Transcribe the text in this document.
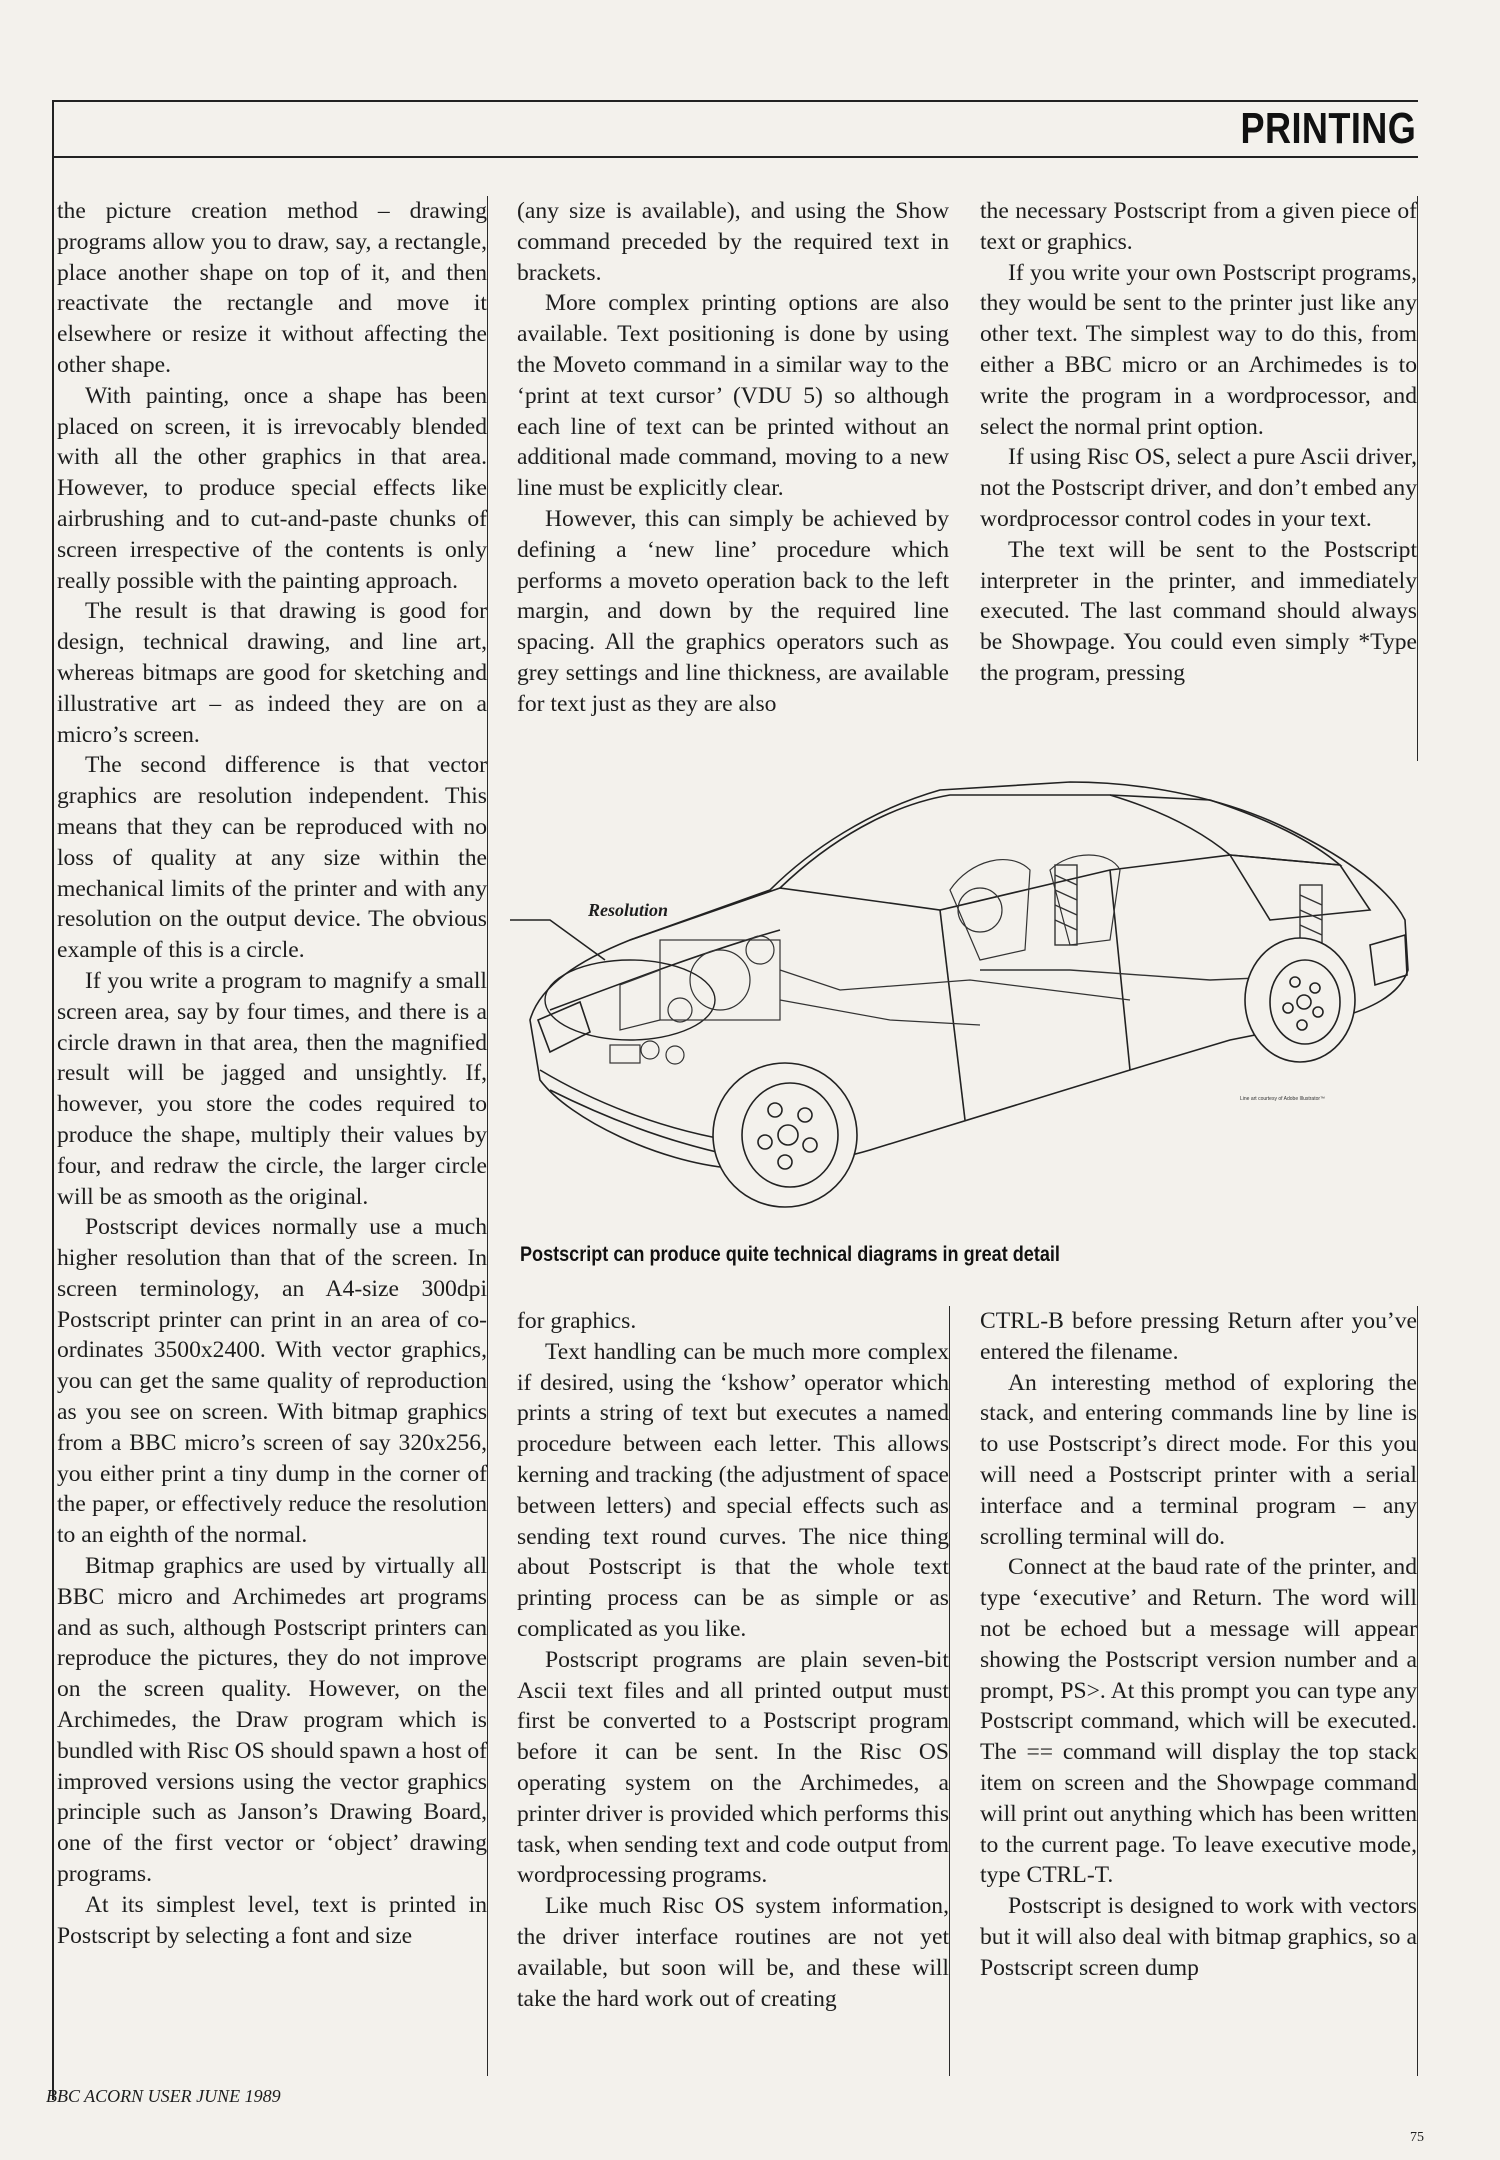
PRINTING

the picture creation method – drawing programs allow you to draw, say, a rectangle, place another shape on top of it, and then reactivate the rectangle and move it elsewhere or resize it without affecting the other shape.

With painting, once a shape has been placed on screen, it is irrevocably blended with all the other graphics in that area. However, to produce special effects like airbrushing and to cut-and-paste chunks of screen irrespective of the contents is only really possible with the painting approach.

The result is that drawing is good for design, technical drawing, and line art, whereas bitmaps are good for sketching and illustrative art – as indeed they are on a micro’s screen.

The second difference is that vector graphics are resolution independent. This means that they can be reproduced with no loss of quality at any size within the mechanical limits of the printer and with any resolution on the output device. The obvious example of this is a circle.

If you write a program to magnify a small screen area, say by four times, and there is a circle drawn in that area, then the magnified result will be jagged and unsightly. If, however, you store the codes required to produce the shape, multiply their values by four, and redraw the circle, the larger circle will be as smooth as the original.

Postscript devices normally use a much higher resolution than that of the screen. In screen terminology, an A4-size 300dpi Postscript printer can print in an area of co-ordinates 3500x2400. With vector graphics, you can get the same quality of reproduction as you see on screen. With bitmap graphics from a BBC micro’s screen of say 320x256, you either print a tiny dump in the corner of the paper, or effectively reduce the resolution to an eighth of the normal.

Bitmap graphics are used by virtually all BBC micro and Archimedes art programs and as such, although Postscript printers can reproduce the pictures, they do not improve on the screen quality. However, on the Archimedes, the Draw program which is bundled with Risc OS should spawn a host of improved versions using the vector graphics principle such as Janson’s Drawing Board, one of the first vector or ‘object’ drawing programs.

At its simplest level, text is printed in Postscript by selecting a font and size

(any size is available), and using the Show command preceded by the required text in brackets.

More complex printing options are also available. Text positioning is done by using the Moveto command in a similar way to the ‘print at text cursor’ (VDU 5) so although each line of text can be printed without an additional made command, moving to a new line must be explicitly clear.

However, this can simply be achieved by defining a ‘new line’ procedure which performs a moveto operation back to the left margin, and down by the required line spacing. All the graphics operators such as grey settings and line thickness, are available for text just as they are also

the necessary Postscript from a given piece of text or graphics.

If you write your own Postscript programs, they would be sent to the printer just like any other text. The simplest way to do this, from either a BBC micro or an Archimedes is to write the program in a wordprocessor, and select the normal print option.

If using Risc OS, select a pure Ascii driver, not the Postscript driver, and don’t embed any wordprocessor control codes in your text.

The text will be sent to the Postscript interpreter in the printer, and immediately executed. The last command should always be Showpage. You could even simply *Type the program, pressing

Resolution
Line art courtesy of Adobe Illustrator™
Postscript can produce quite technical diagrams in great detail

for graphics.

Text handling can be much more complex if desired, using the ‘kshow’ operator which prints a string of text but executes a named procedure between each letter. This allows kerning and tracking (the adjustment of space between letters) and special effects such as sending text round curves. The nice thing about Postscript is that the whole text printing process can be as simple or as complicated as you like.

Postscript programs are plain seven-bit Ascii text files and all printed output must first be converted to a Postscript program before it can be sent. In the Risc OS operating system on the Archimedes, a printer driver is provided which performs this task, when sending text and code output from wordprocessing programs.

Like much Risc OS system information, the driver interface routines are not yet available, but soon will be, and these will take the hard work out of creating

CTRL-B before pressing Return after you’ve entered the filename.

An interesting method of exploring the stack, and entering commands line by line is to use Postscript’s direct mode. For this you will need a Postscript printer with a serial interface and a terminal program – any scrolling terminal will do.

Connect at the baud rate of the printer, and type ‘executive’ and Return. The word will not be echoed but a message will appear showing the Postscript version number and a prompt, PS>. At this prompt you can type any Postscript command, which will be executed. The == command will display the top stack item on screen and the Showpage command will print out anything which has been written to the current page. To leave executive mode, type CTRL-T.

Postscript is designed to work with vectors but it will also deal with bitmap graphics, so a Postscript screen dump

BBC ACORN USER JUNE 1989
75
